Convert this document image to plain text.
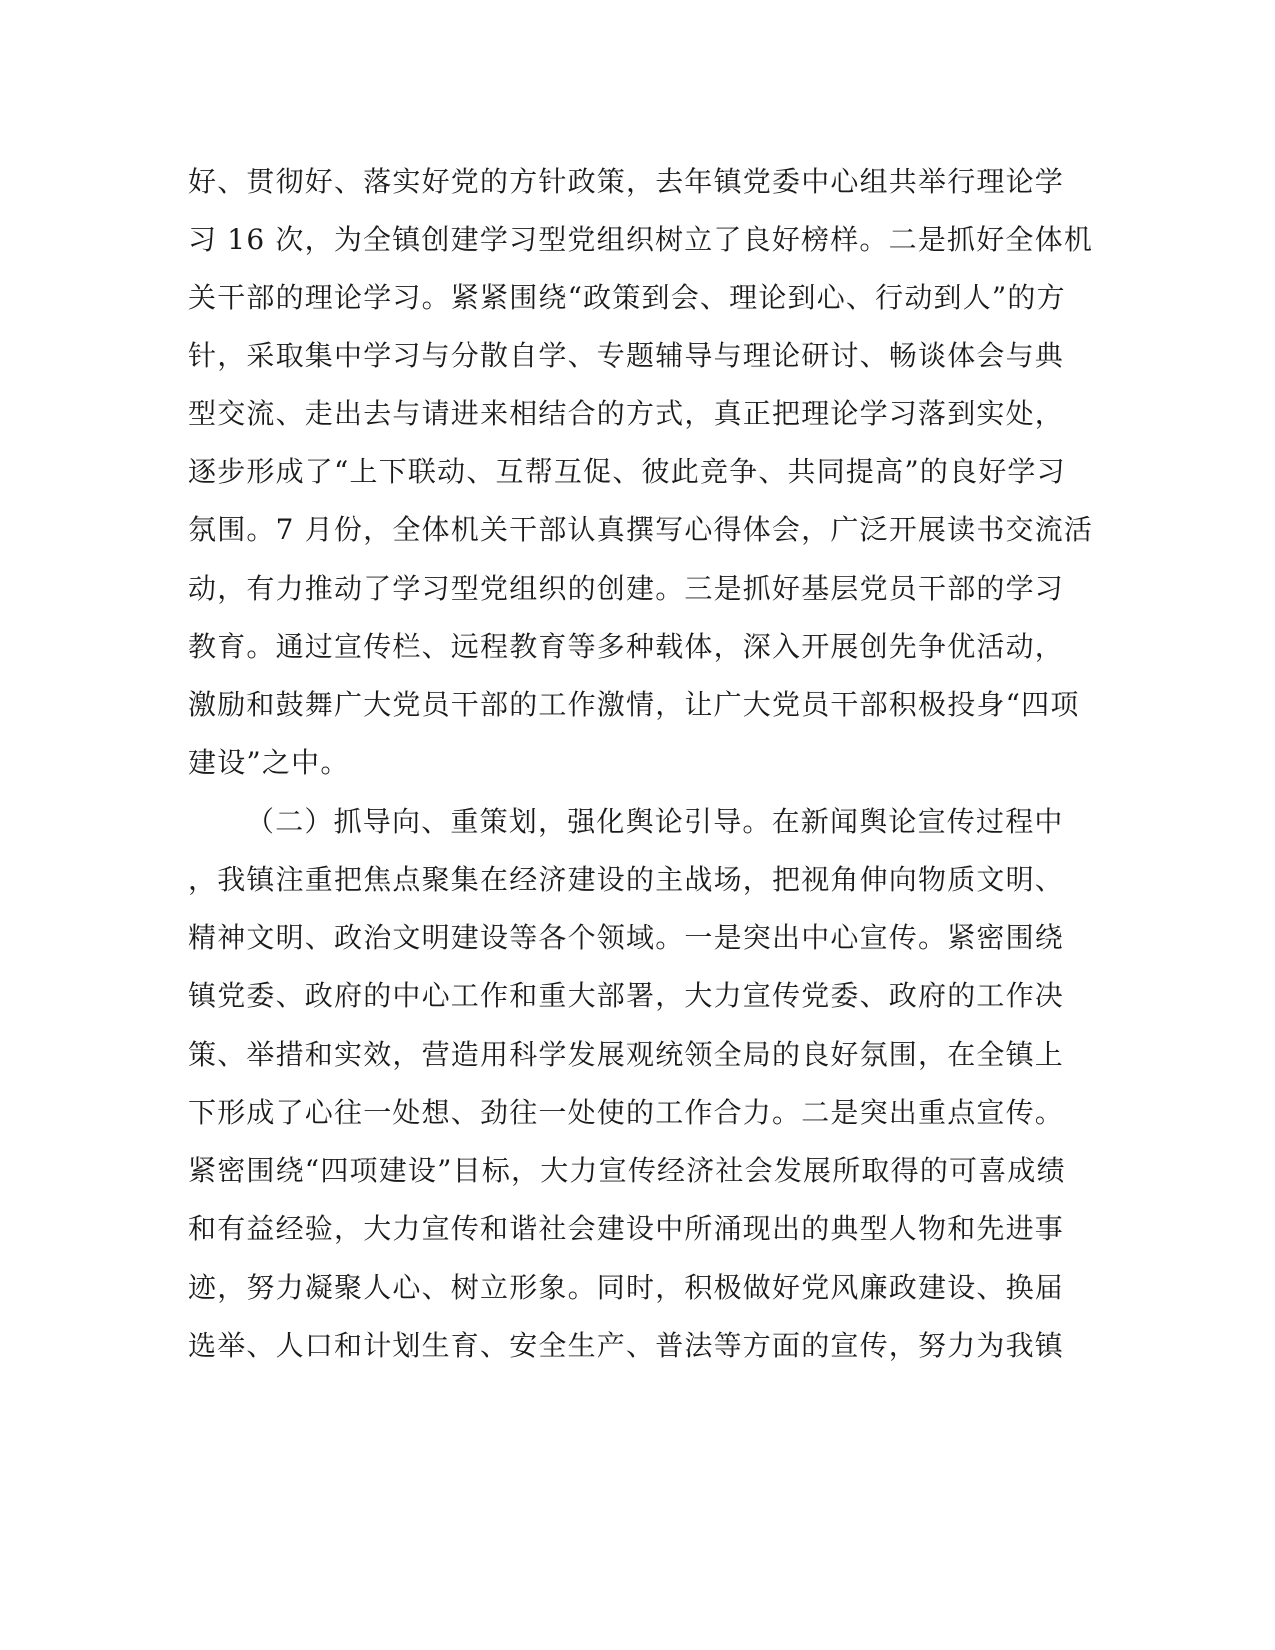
好、贯彻好、落实好党的方针政策，去年镇党委中心组共举行理论学
习 16 次，为全镇创建学习型党组织树立了良好榜样。二是抓好全体机
关干部的理论学习。紧紧围绕“政策到会、理论到心、行动到人”的方
针，采取集中学习与分散自学、专题辅导与理论研讨、畅谈体会与典
型交流、走出去与请进来相结合的方式，真正把理论学习落到实处，
逐步形成了“上下联动、互帮互促、彼此竞争、共同提高”的良好学习
氛围。7 月份，全体机关干部认真撰写心得体会，广泛开展读书交流活
动，有力推动了学习型党组织的创建。三是抓好基层党员干部的学习
教育。通过宣传栏、远程教育等多种载体，深入开展创先争优活动，
激励和鼓舞广大党员干部的工作激情，让广大党员干部积极投身“四项
建设”之中。
（二）抓导向、重策划，强化舆论引导。在新闻舆论宣传过程中
，我镇注重把焦点聚集在经济建设的主战场，把视角伸向物质文明、
精神文明、政治文明建设等各个领域。一是突出中心宣传。紧密围绕
镇党委、政府的中心工作和重大部署，大力宣传党委、政府的工作决
策、举措和实效，营造用科学发展观统领全局的良好氛围，在全镇上
下形成了心往一处想、劲往一处使的工作合力。二是突出重点宣传。
紧密围绕“四项建设”目标，大力宣传经济社会发展所取得的可喜成绩
和有益经验，大力宣传和谐社会建设中所涌现出的典型人物和先进事
迹，努力凝聚人心、树立形象。同时，积极做好党风廉政建设、换届
选举、人口和计划生育、安全生产、普法等方面的宣传，努力为我镇
